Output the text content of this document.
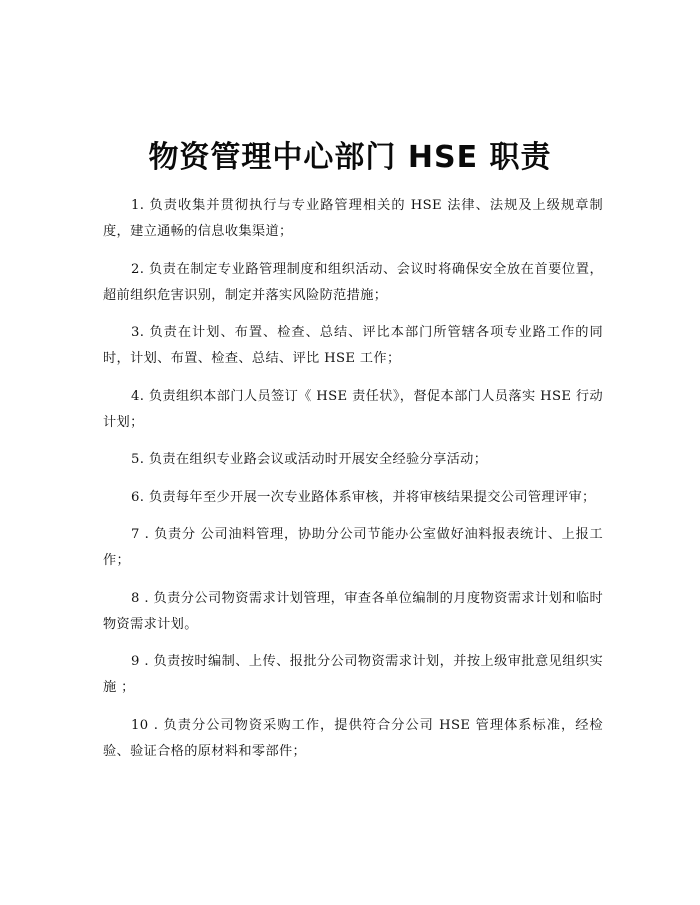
物资管理中心部门 HSE 职责

1. 负责收集并贯彻执行与专业路管理相关的 HSE 法律、法规及上级规章制度，建立通畅的信息收集渠道；

2. 负责在制定专业路管理制度和组织活动、会议时将确保安全放在首要位置，超前组织危害识别，制定并落实风险防范措施；

3. 负责在计划、布置、检查、总结、评比本部门所管辖各项专业路工作的同时，计划、布置、检查、总结、评比 HSE 工作；

4. 负责组织本部门人员签订《 HSE 责任状》，督促本部门人员落实 HSE 行动计划；

5. 负责在组织专业路会议或活动时开展安全经验分享活动；

6. 负责每年至少开展一次专业路体系审核，并将审核结果提交公司管理评审；

7 . 负责分 公司油料管理，协助分公司节能办公室做好油料报表统计、上报工作；

8 . 负责分公司物资需求计划管理，审查各单位编制的月度物资需求计划和临时物资需求计划。

9 . 负责按时编制、上传、报批分公司物资需求计划，并按上级审批意见组织实施 ；

10 . 负责分公司物资采购工作，提供符合分公司 HSE 管理体系标准，经检验、验证合格的原材料和零部件；
